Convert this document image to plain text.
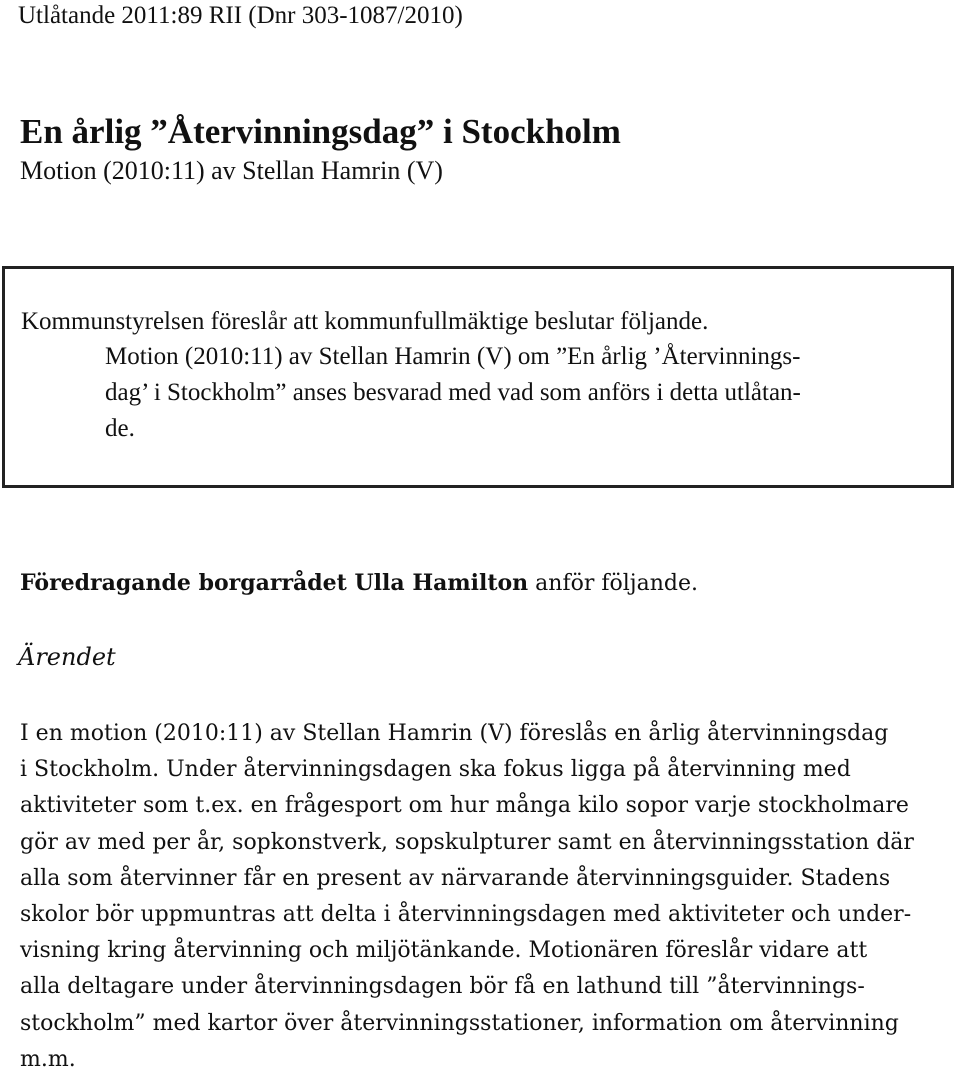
Utlåtande 2011:89 RII (Dnr 303-1087/2010)
En årlig ”Återvinningsdag” i Stockholm
Motion (2010:11) av Stellan Hamrin (V)
Kommunstyrelsen föreslår att kommunfullmäktige beslutar följande.
Motion (2010:11) av Stellan Hamrin (V) om ”En årlig ’Återvinnings-
dag’ i Stockholm” anses besvarad med vad som anförs i detta utlåtan-
de.
Föredragande borgarrådet Ulla Hamilton anför följande.
Ärendet
I en motion (2010:11) av Stellan Hamrin (V) föreslås en årlig återvinningsdag
i Stockholm. Under återvinningsdagen ska fokus ligga på återvinning med
aktiviteter som t.ex. en frågesport om hur många kilo sopor varje stockholmare
gör av med per år, sopkonstverk, sopskulpturer samt en återvinningsstation där
alla som återvinner får en present av närvarande återvinningsguider. Stadens
skolor bör uppmuntras att delta i återvinningsdagen med aktiviteter och under-
visning kring återvinning och miljötänkande. Motionären föreslår vidare att
alla deltagare under återvinningsdagen bör få en lathund till ”återvinnings-
stockholm” med kartor över återvinningsstationer, information om återvinning
m.m.
